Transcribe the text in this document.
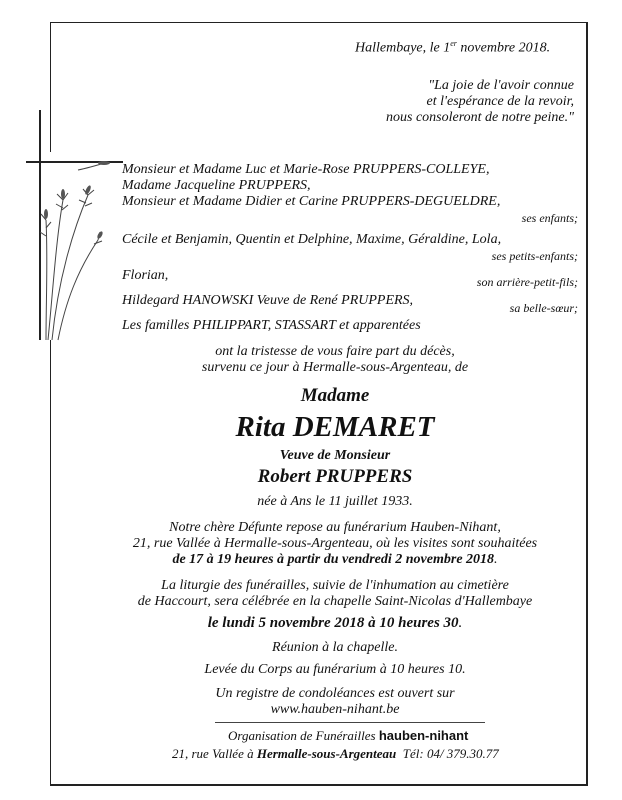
Hallembaye, le 1er novembre 2018.
"La joie de l'avoir connue
et l'espérance de la revoir,
nous consoleront de notre peine."
Monsieur et Madame Luc et Marie-Rose PRUPPERS-COLLEYE,
Madame Jacqueline PRUPPERS,
Monsieur et Madame Didier et Carine PRUPPERS-DEGUELDRE,
ses enfants;
Cécile et Benjamin, Quentin et Delphine, Maxime, Géraldine, Lola,
ses petits-enfants;
Florian,	son arrière-petit-fils;
Hildegard HANOWSKI Veuve de René PRUPPERS,	sa belle-sœur;
Les familles PHILIPPART, STASSART et apparentées
ont la tristesse de vous faire part du décès,
survenu ce jour à Hermalle-sous-Argenteau, de
Madame
Rita DEMARET
Veuve de Monsieur
Robert PRUPPERS
née à Ans le 11 juillet 1933.
Notre chère Défunte repose au funérarium Hauben-Nihant,
21, rue Vallée à Hermalle-sous-Argenteau, où les visites sont souhaitées
de 17 à 19 heures à partir du vendredi 2 novembre 2018.
La liturgie des funérailles, suivie de l'inhumation au cimetière
de Haccourt, sera célébrée en la chapelle Saint-Nicolas d'Hallembaye
le lundi 5 novembre 2018 à 10 heures 30.
Réunion à la chapelle.
Levée du Corps au funérarium à 10 heures 10.
Un registre de condoléances est ouvert sur
www.hauben-nihant.be
Organisation de Funérailles hauben-nihant
21, rue Vallée à Hermalle-sous-Argenteau Tél: 04/ 379.30.77
